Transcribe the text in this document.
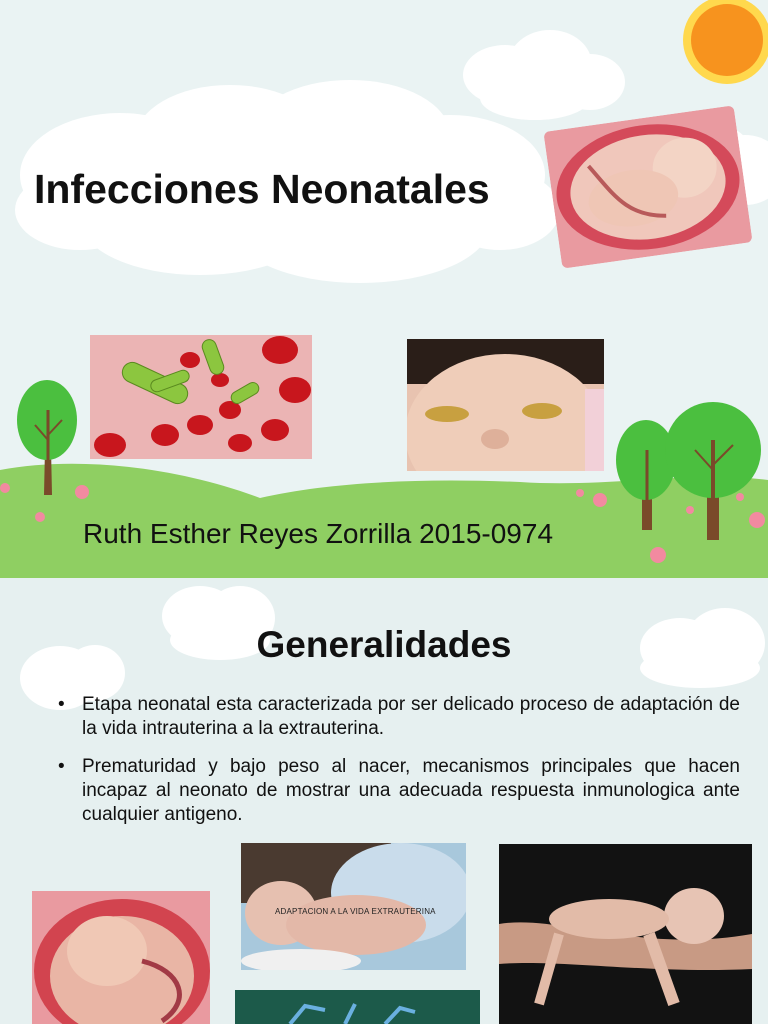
Infecciones Neonatales

Ruth Esther Reyes Zorrilla 2015-0974

Generalidades
• Etapa neonatal esta caracterizada por ser delicado proceso de adaptación de la vida intrauterina a la extrauterina.
• Prematuridad y bajo peso al nacer, mecanismos principales que hacen incapaz al neonato de mostrar una adecuada respuesta inmunologica ante cualquier antigeno.
ADAPTACION A LA VIDA EXTRAUTERINA
